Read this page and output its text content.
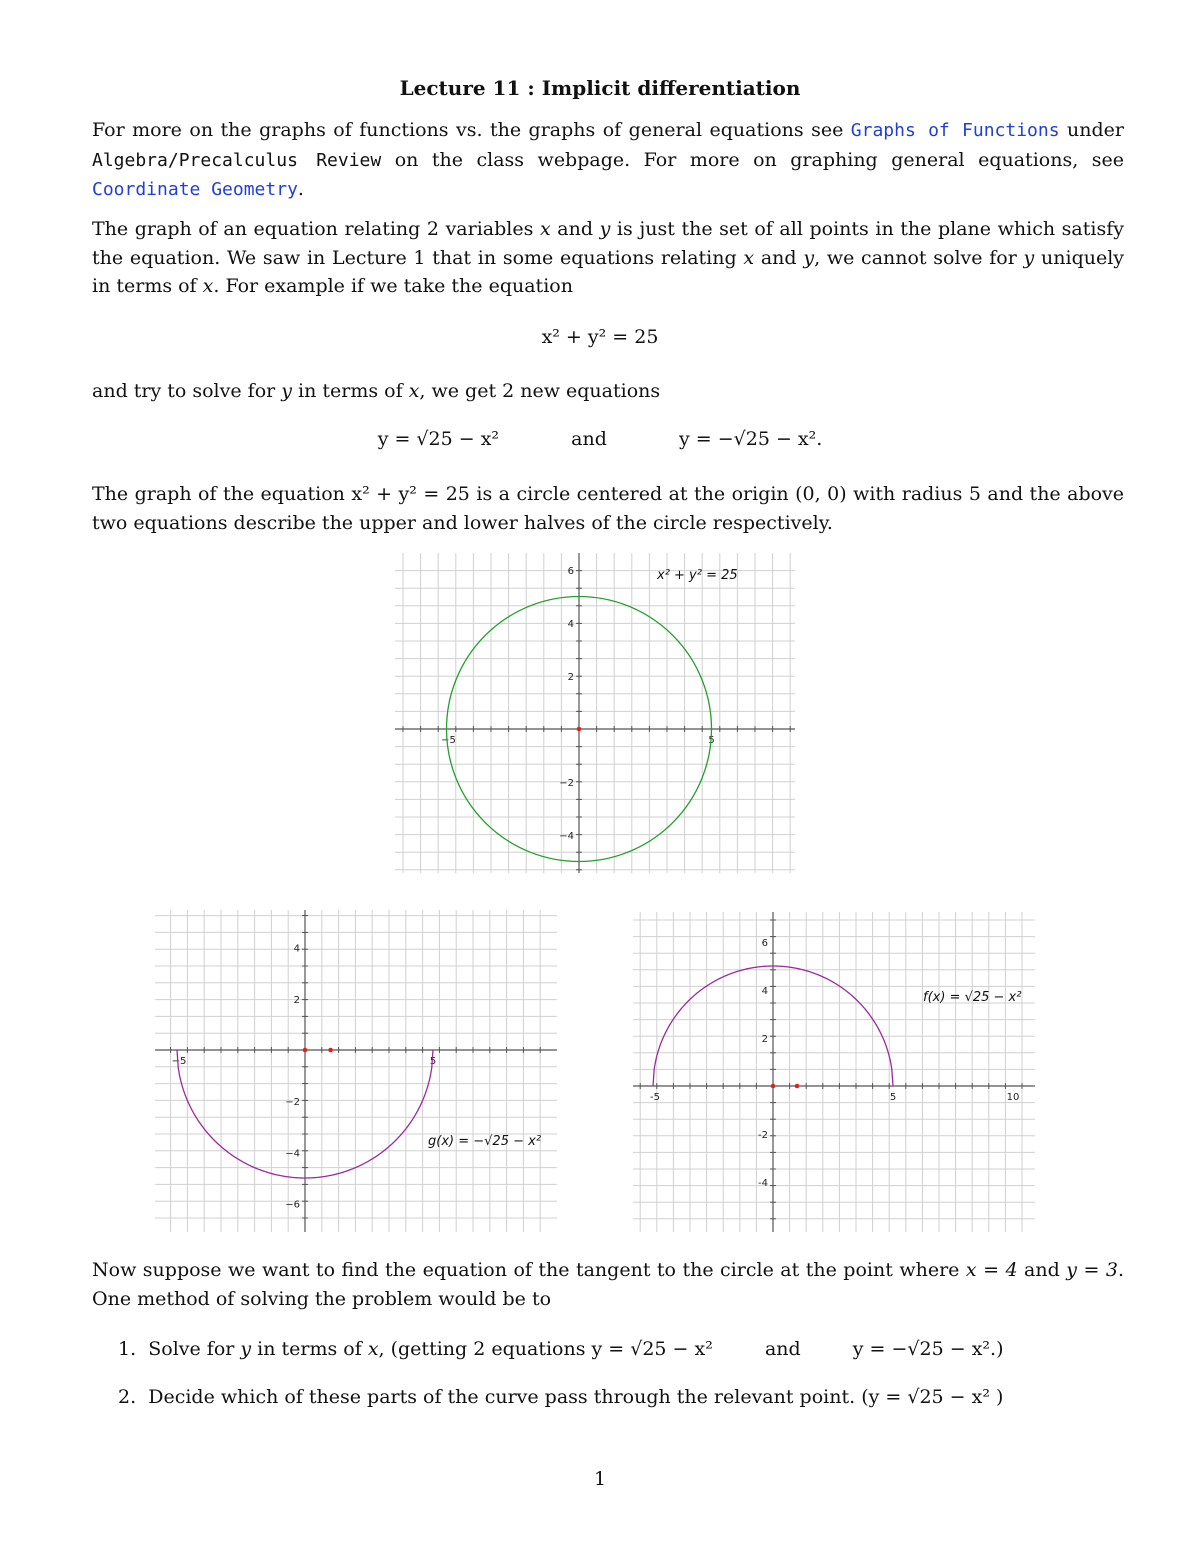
Lecture 11 : Implicit differentiation

For more on the graphs of functions vs. the graphs of general equations see Graphs of Functions under Algebra/Precalculus Review on the class webpage. For more on graphing general equations, see Coordinate Geometry.

The graph of an equation relating 2 variables x and y is just the set of all points in the plane which satisfy the equation. We saw in Lecture 1 that in some equations relating x and y, we cannot solve for y uniquely in terms of x. For example if we take the equation

x² + y² = 25

and try to solve for y in terms of x, we get 2 new equations

y = √25 − x²	and	y = −√25 − x².

The graph of the equation x² + y² = 25 is a circle centered at the origin (0, 0) with radius 5 and the above two equations describe the upper and lower halves of the circle respectively.

−5	5
6
4
2
−2
−4
x² + y² = 25
−5	5
4
2
−2
−4
−6
g(x) = −√25 − x²
-5	5	10
6
4
2
-2
-4
f(x) = √25 − x²

Now suppose we want to find the equation of the tangent to the circle at the point where x = 4 and y = 3. One method of solving the problem would be to

1. Solve for y in terms of x, (getting 2 equations y = √25 − x²	and	y = −√25 − x².)
2. Decide which of these parts of the curve pass through the relevant point. (y = √25 − x² )
1
